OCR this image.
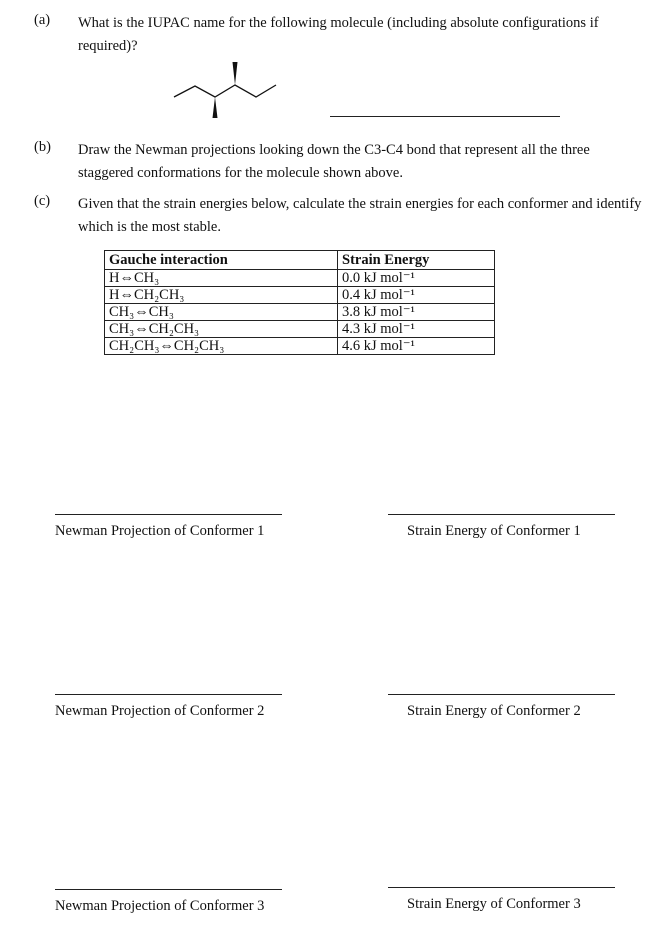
(a) What is the IUPAC name for the following molecule (including absolute configurations if required)?
(b) Draw the Newman projections looking down the C3-C4 bond that represent all the three staggered conformations for the molecule shown above.
(c) Given that the strain energies below, calculate the strain energies for each conformer and identify which is the most stable.
Gauche interaction	Strain Energy
H⇔CH₃	0.0 kJ mol⁻¹
H⇔CH₂CH₃	0.4 kJ mol⁻¹
CH₃⇔CH₃	3.8 kJ mol⁻¹
CH₃⇔CH₂CH₃	4.3 kJ mol⁻¹
CH₂CH₃⇔CH₂CH₃	4.6 kJ mol⁻¹
Newman Projection of Conformer 1	Strain Energy of Conformer 1
Newman Projection of Conformer 2	Strain Energy of Conformer 2
Newman Projection of Conformer 3	Strain Energy of Conformer 3
